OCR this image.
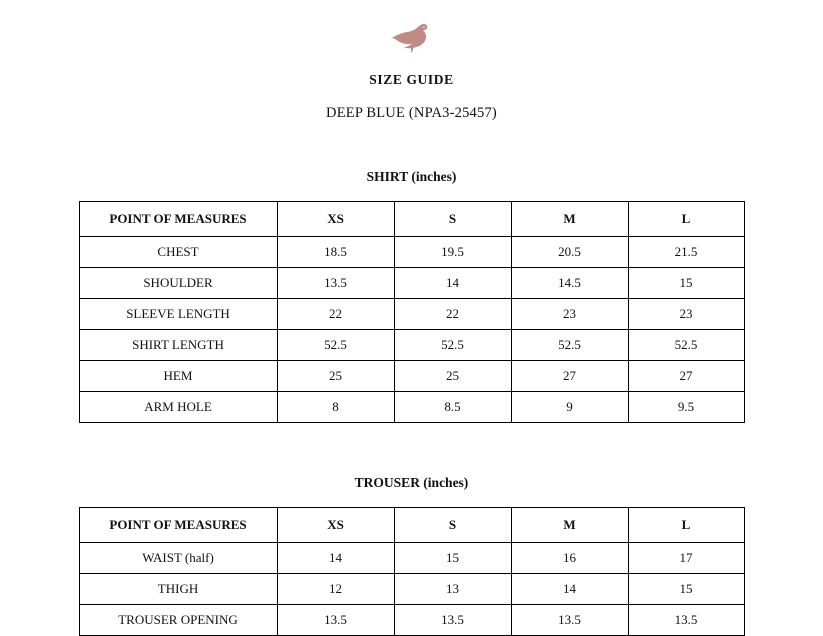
SIZE GUIDE
DEEP BLUE (NPA3-25457)
SHIRT (inches)
POINT OF MEASURES	XS	S	M	L
CHEST	18.5	19.5	20.5	21.5
SHOULDER	13.5	14	14.5	15
SLEEVE LENGTH	22	22	23	23
SHIRT LENGTH	52.5	52.5	52.5	52.5
HEM	25	25	27	27
ARM HOLE	8	8.5	9	9.5
TROUSER (inches)
POINT OF MEASURES	XS	S	M	L
WAIST (half)	14	15	16	17
THIGH	12	13	14	15
TROUSER OPENING	13.5	13.5	13.5	13.5
